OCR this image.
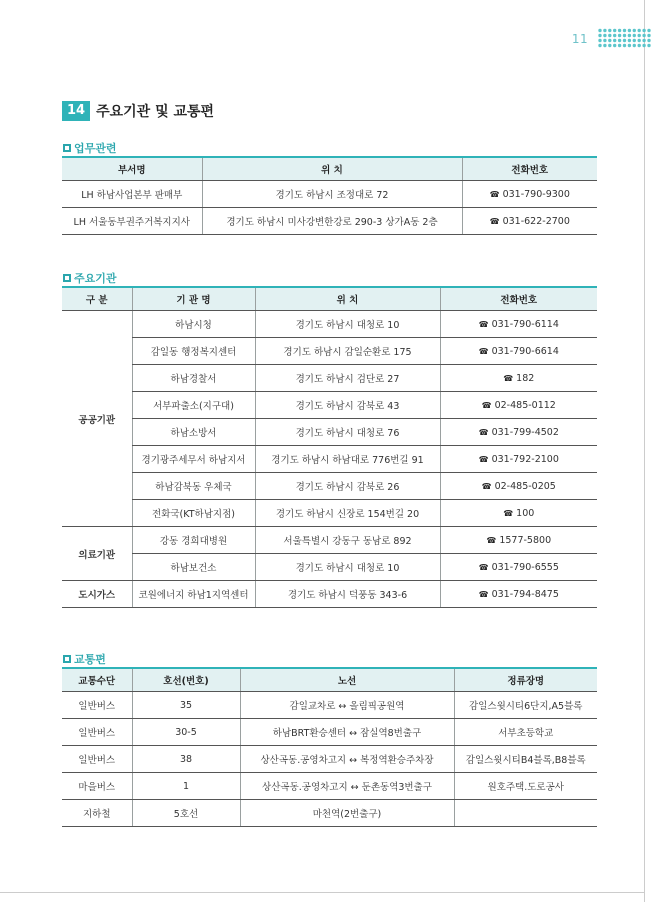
11
14 주요기관 및 교통편
업무관련
부서명	위 치	전화번호
LH 하남사업본부 판매부	경기도 하남시 조정대로 72	☎ 031-790-9300
LH 서울동부권주거복지지사	경기도 하남시 미사강변한강로 290-3 상가A동 2층	☎ 031-622-2700
주요기관
구 분	기 관 명	위 치	전화번호
공공기관	하남시청	경기도 하남시 대청로 10	☎ 031-790-6114
	감일동 행정복지센터	경기도 하남시 감일순환로 175	☎ 031-790-6614
	하남경찰서	경기도 하남시 검단로 27	☎ 182
	서부파출소(지구대)	경기도 하남시 감북로 43	☎ 02-485-0112
	하남소방서	경기도 하남시 대청로 76	☎ 031-799-4502
	경기광주세무서 하남지서	경기도 하남시 하남대로 776번길 91	☎ 031-792-2100
	하남감북동 우체국	경기도 하남시 감북로 26	☎ 02-485-0205
	전화국(KT하남지점)	경기도 하남시 신장로 154번길 20	☎ 100
의료기관	강동 경희대병원	서울특별시 강동구 동남로 892	☎ 1577-5800
	하남보건소	경기도 하남시 대청로 10	☎ 031-790-6555
도시가스	코원에너지 하남1지역센터	경기도 하남시 덕풍동 343-6	☎ 031-794-8475
교통편
교통수단	호선(번호)	노선	정류장명
일반버스	35	감일교차로 ↔ 올림픽공원역	감일스윗시티6단지,A5블록
일반버스	30-5	하남BRT환승센터 ↔ 잠실역8번출구	서부초등학교
일반버스	38	상산곡동.공영차고지 ↔ 복정역환승주차장	감일스윗시티B4블록,B8블록
마을버스	1	상산곡동.공영차고지 ↔ 둔촌동역3번출구	원호주택.도로공사
지하철	5호선	마천역(2번출구)	
